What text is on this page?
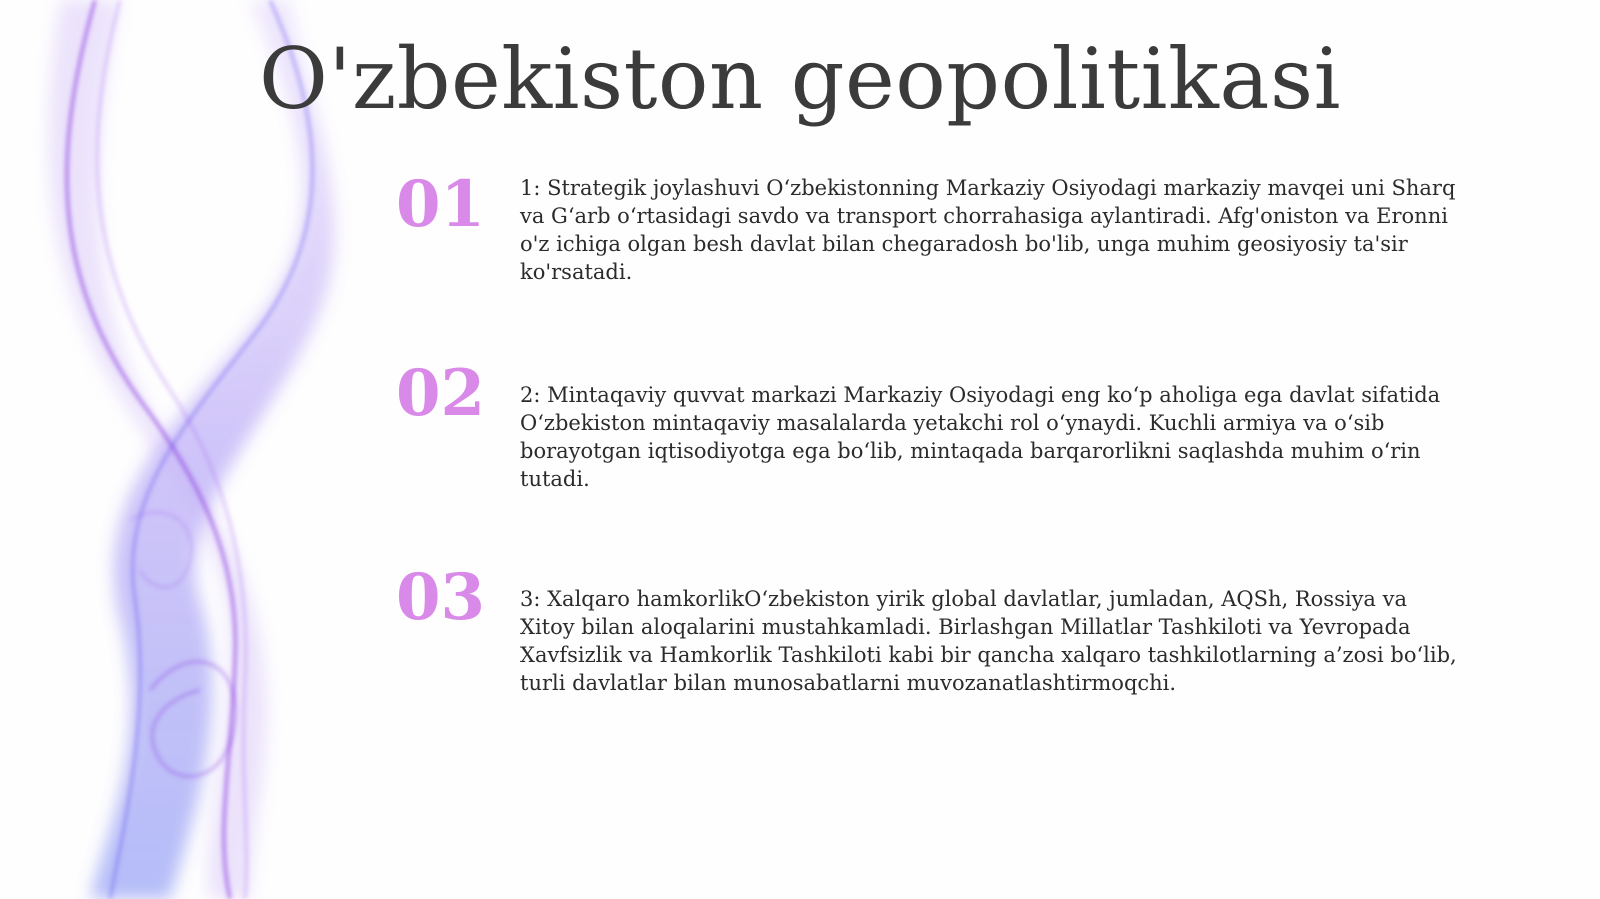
O'zbekiston geopolitikasi
01 1: Strategik joylashuvi O‘zbekistonning Markaziy Osiyodagi markaziy mavqei uni Sharq va G‘arb o‘rtasidagi savdo va transport chorrahasiga aylantiradi. Afg'oniston va Eronni o'z ichiga olgan besh davlat bilan chegaradosh bo'lib, unga muhim geosiyosiy ta'sir ko'rsatadi.

02 2: Mintaqaviy quvvat markazi Markaziy Osiyodagi eng ko‘p aholiga ega davlat sifatida O‘zbekiston mintaqaviy masalalarda yetakchi rol o‘ynaydi. Kuchli armiya va o‘sib borayotgan iqtisodiyotga ega bo‘lib, mintaqada barqarorlikni saqlashda muhim o‘rin tutadi.

03 3: Xalqaro hamkorlikO‘zbekiston yirik global davlatlar, jumladan, AQSh, Rossiya va Xitoy bilan aloqalarini mustahkamladi. Birlashgan Millatlar Tashkiloti va Yevropada Xavfsizlik va Hamkorlik Tashkiloti kabi bir qancha xalqaro tashkilotlarning a’zosi bo‘lib, turli davlatlar bilan munosabatlarni muvozanatlashtirmoqchi.
